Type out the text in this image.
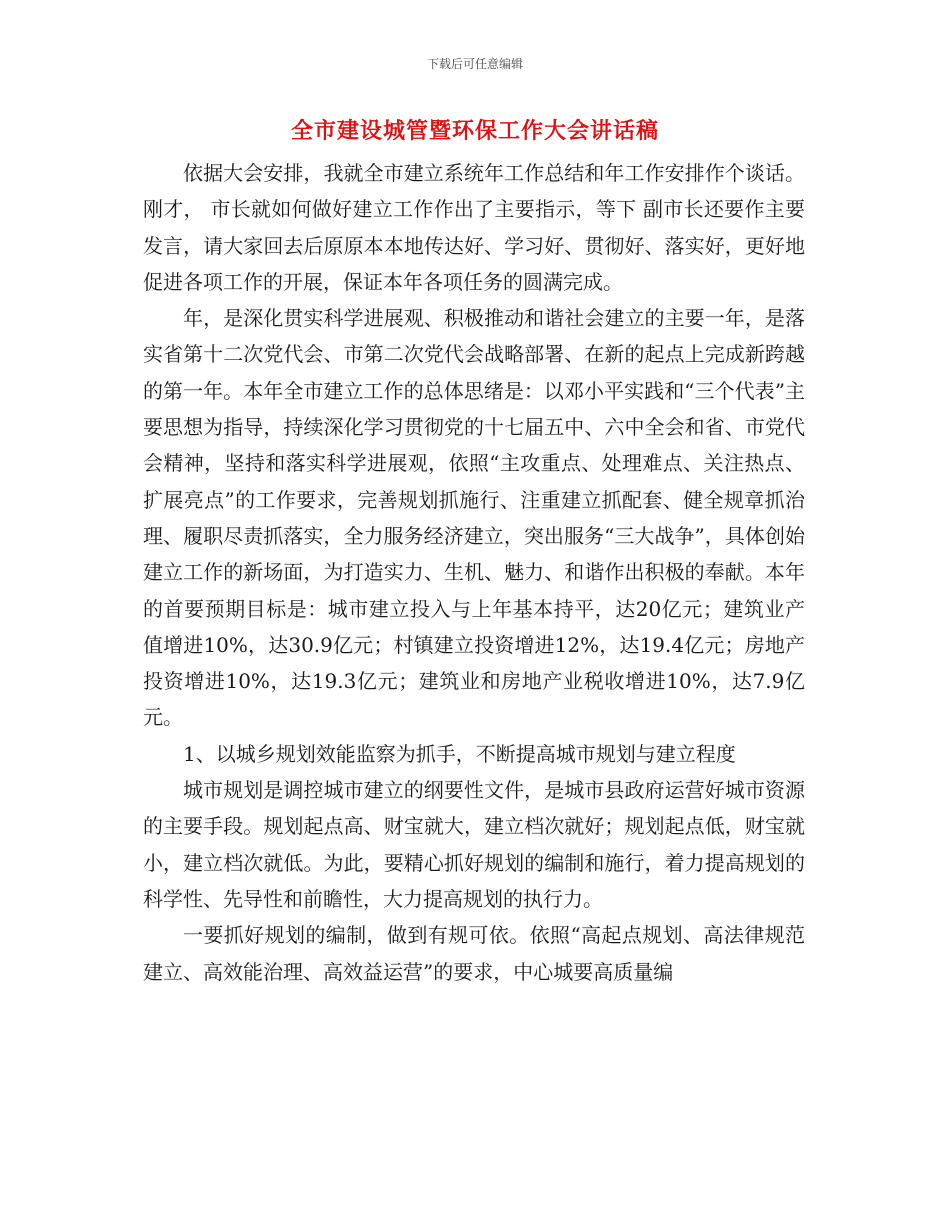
下载后可任意编辑
全市建设城管暨环保工作大会讲话稿

依据大会安排，我就全市建立系统年工作总结和年工作安排作个谈话。刚才， 市长就如何做好建立工作作出了主要指示，等下 副市长还要作主要发言，请大家回去后原原本本地传达好、学习好、贯彻好、落实好，更好地促进各项工作的开展，保证本年各项任务的圆满完成。

年，是深化贯实科学进展观、积极推动和谐社会建立的主要一年，是落实省第十二次党代会、市第二次党代会战略部署、在新的起点上完成新跨越的第一年。本年全市建立工作的总体思绪是：以邓小平实践和“三个代表”主要思想为指导，持续深化学习贯彻党的十七届五中、六中全会和省、市党代会精神，坚持和落实科学进展观，依照“主攻重点、处理难点、关注热点、扩展亮点”的工作要求，完善规划抓施行、注重建立抓配套、健全规章抓治理、履职尽责抓落实，全力服务经济建立，突出服务“三大战争”，具体创始建立工作的新场面，为打造实力、生机、魅力、和谐作出积极的奉献。本年的首要预期目标是：城市建立投入与上年基本持平，达20亿元；建筑业产值增进10%，达30.9亿元；村镇建立投资增进12%，达19.4亿元；房地产投资增进10%，达19.3亿元；建筑业和房地产业税收增进10%，达7.9亿元。

1、以城乡规划效能监察为抓手，不断提高城市规划与建立程度

城市规划是调控城市建立的纲要性文件，是城市县政府运营好城市资源的主要手段。规划起点高、财宝就大，建立档次就好；规划起点低，财宝就小，建立档次就低。为此，要精心抓好规划的编制和施行，着力提高规划的科学性、先导性和前瞻性，大力提高规划的执行力。

一要抓好规划的编制，做到有规可依。依照“高起点规划、高法律规范建立、高效能治理、高效益运营”的要求，中心城要高质量编
